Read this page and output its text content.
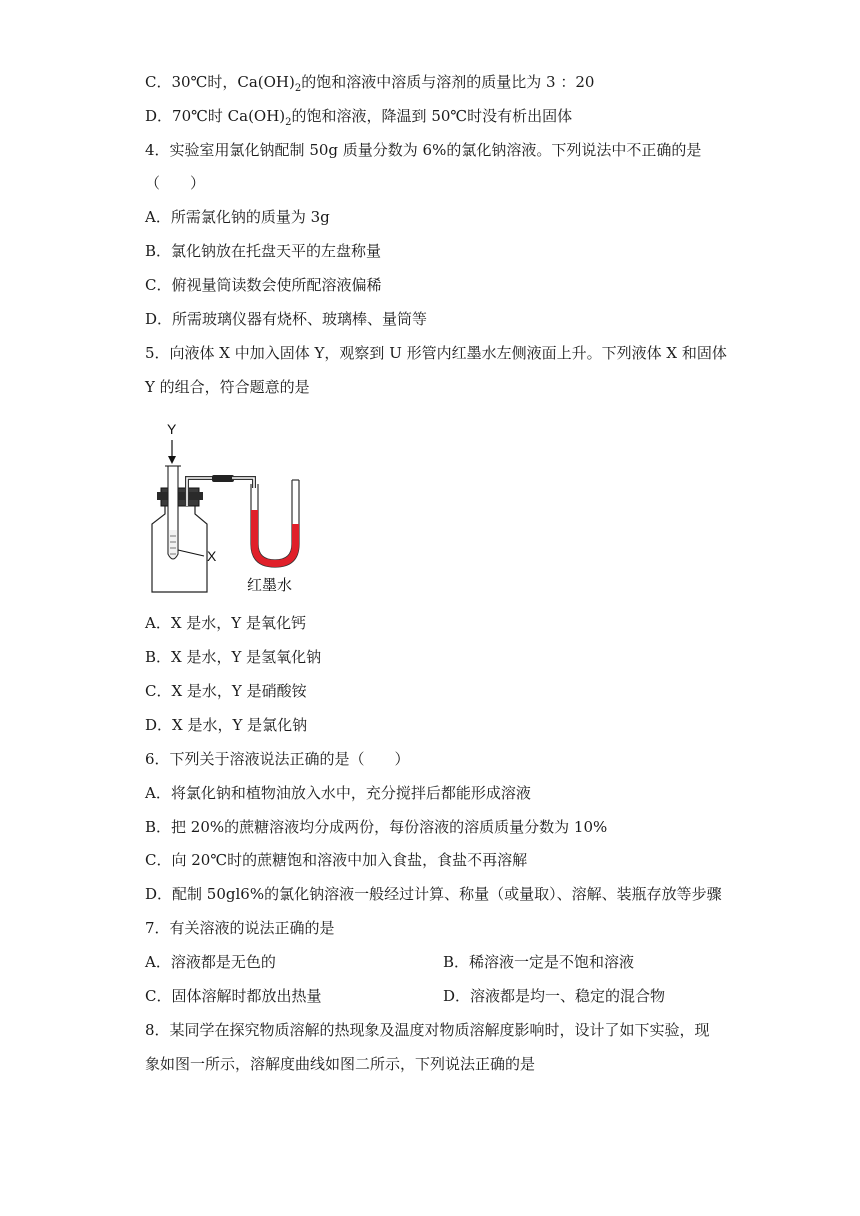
C．30℃时，$Ca(OH)_2$的饱和溶液中溶质与溶剂的质量比为 3 ：20
D．70℃时 $Ca(OH)_2$的饱和溶液，降温到 50℃时没有析出固体
4．实验室用氯化钠配制 50g 质量分数为 6%的氯化钠溶液。下列说法中不正确的是
（　　）
A．所需氯化钠的质量为 3g
B．氯化钠放在托盘天平的左盘称量
C．俯视量筒读数会使所配溶液偏稀
D．所需玻璃仪器有烧杯、玻璃棒、量筒等
5．向液体 X 中加入固体 Y，观察到 U 形管内红墨水左侧液面上升。下列液体 X 和固体
Y 的组合，符合题意的是
Y
X
红墨水
A．X 是水，Y 是氧化钙
B．X 是水，Y 是氢氧化钠
C．X 是水，Y 是硝酸铵
D．X 是水，Y 是氯化钠
6．下列关于溶液说法正确的是（　　）
A．将氯化钠和植物油放入水中，充分搅拌后都能形成溶液
B．把 20%的蔗糖溶液均分成两份，每份溶液的溶质质量分数为 10%
C．向 20℃时的蔗糖饱和溶液中加入食盐，食盐不再溶解
D．配制 50gl6%的氯化钠溶液一般经过计算、称量（或量取）、溶解、装瓶存放等步骤
7．有关溶液的说法正确的是
A．溶液都是无色的	B．稀溶液一定是不饱和溶液
C．固体溶解时都放出热量	D．溶液都是均一、稳定的混合物
8．某同学在探究物质溶解的热现象及温度对物质溶解度影响时，设计了如下实验，现
象如图一所示，溶解度曲线如图二所示，下列说法正确的是
